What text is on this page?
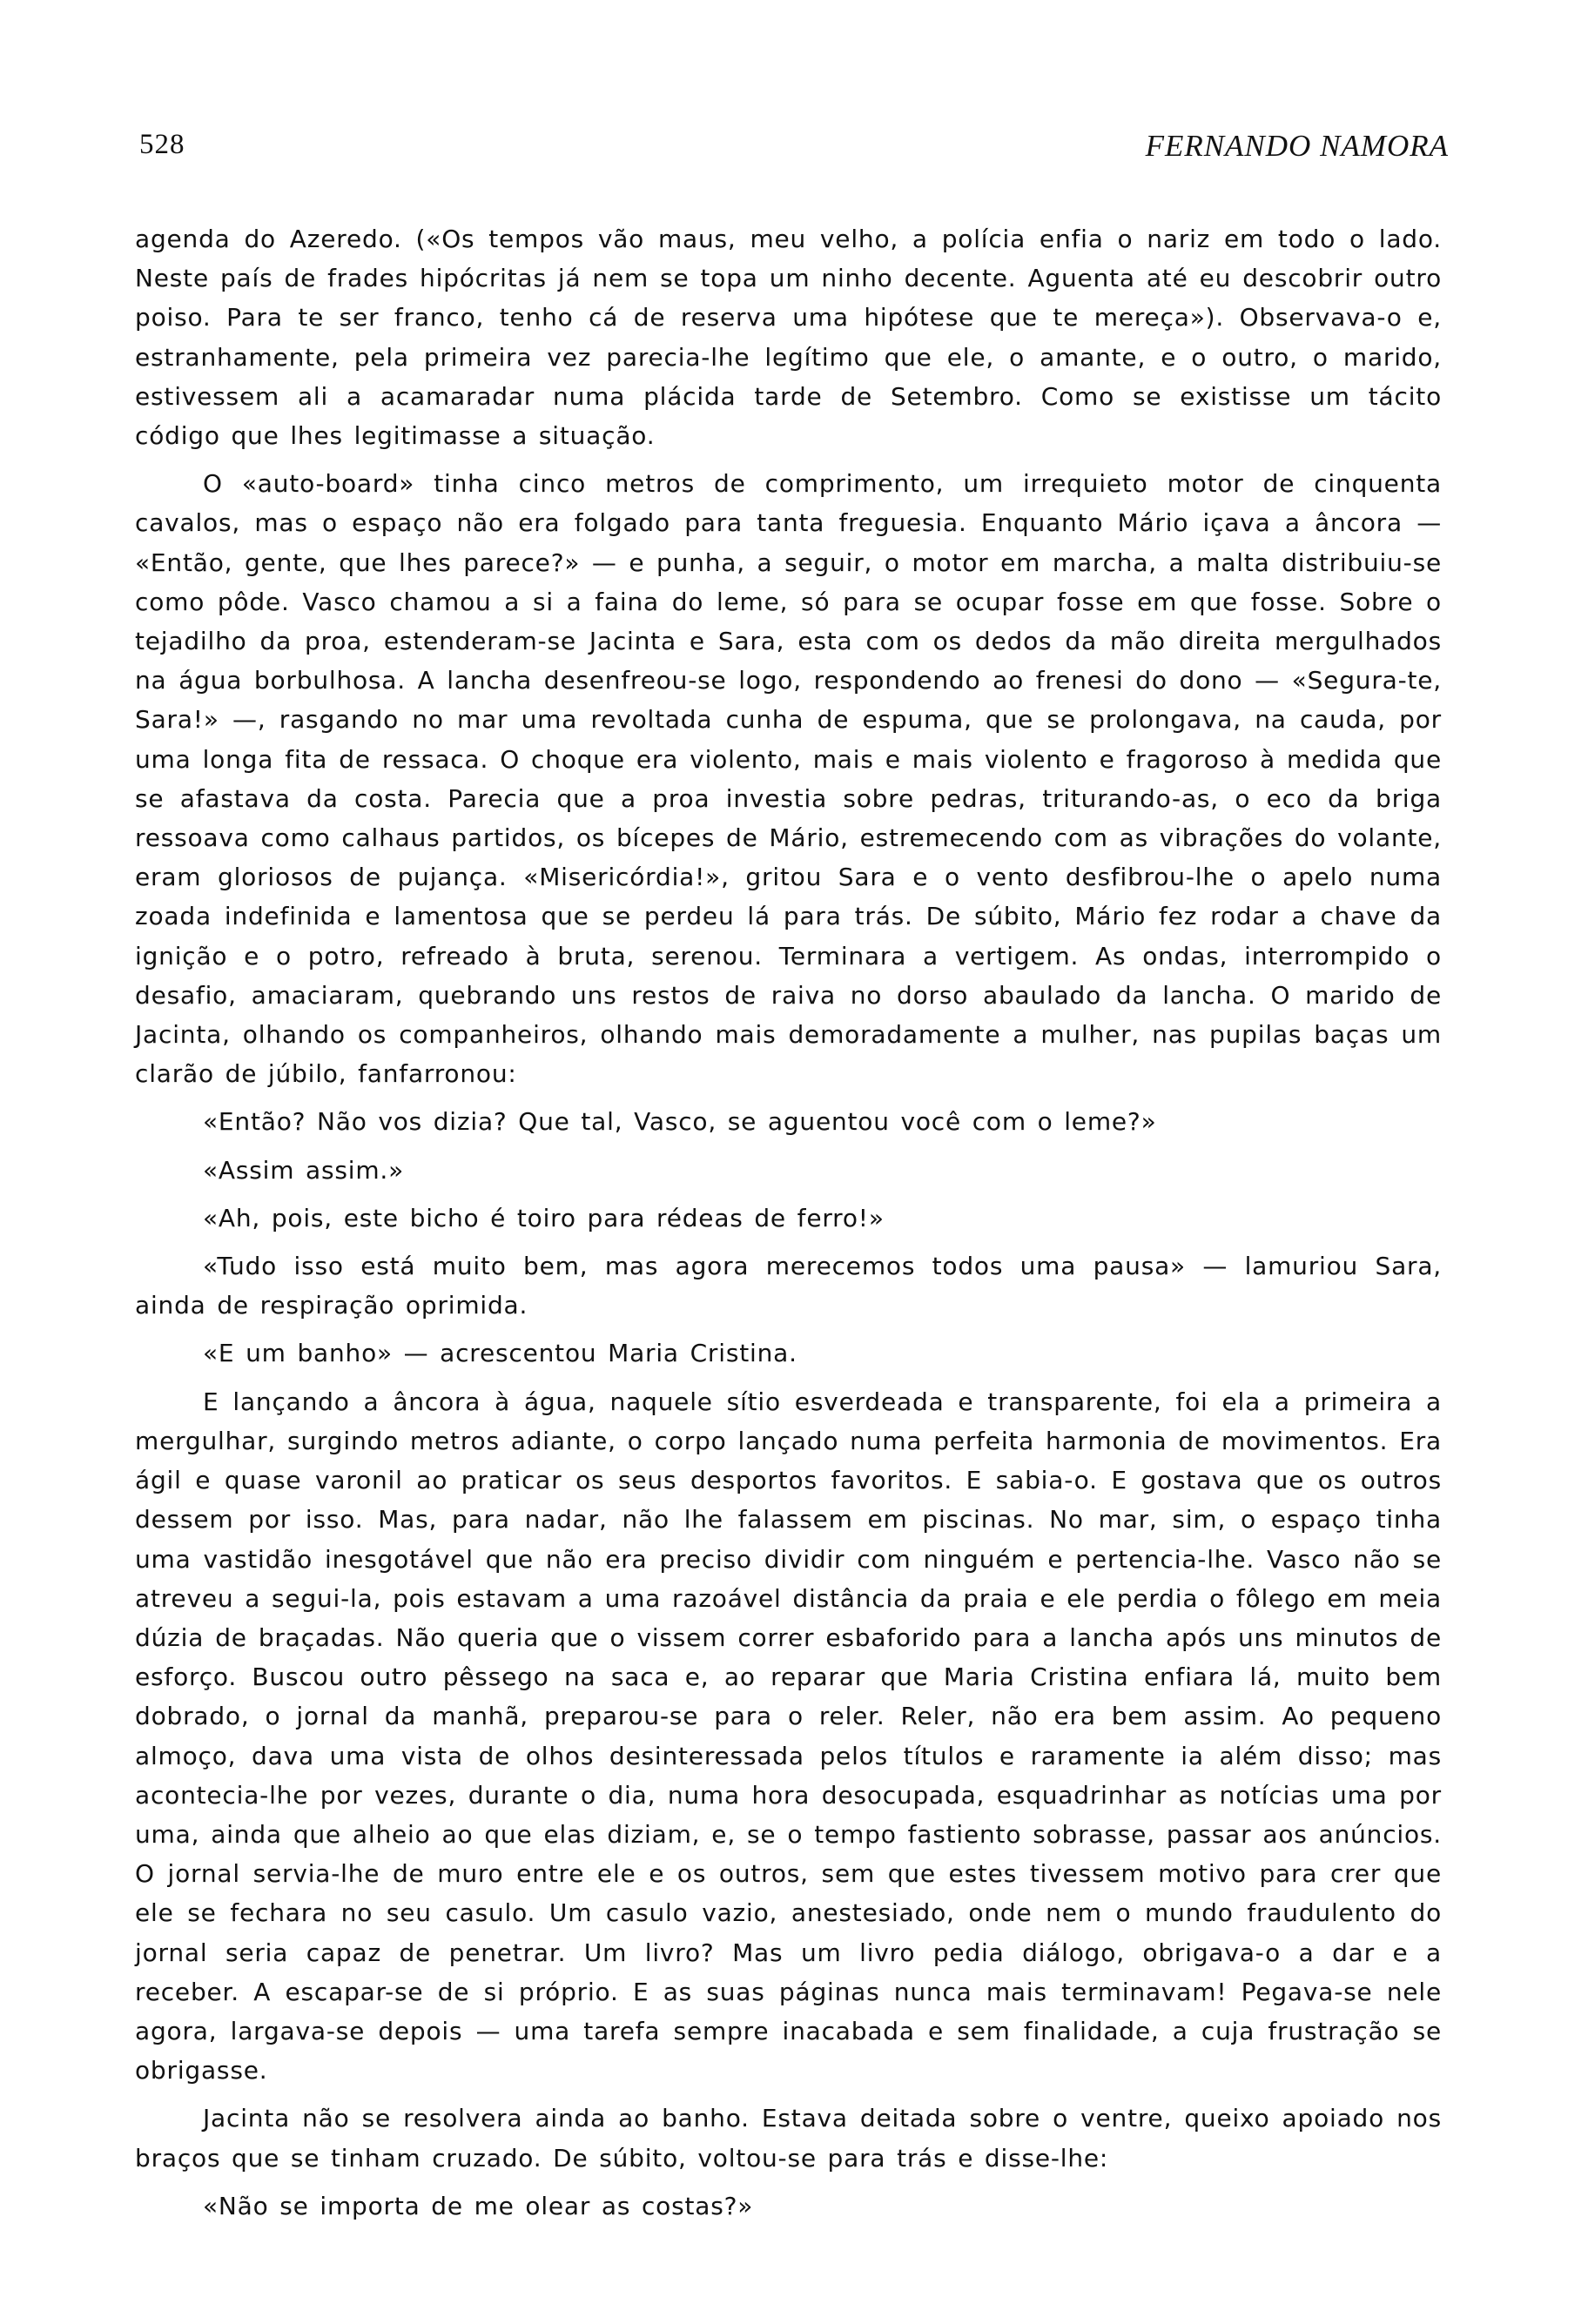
528	FERNANDO NAMORA

agenda do Azeredo. («Os tempos vão maus, meu velho, a polícia enfia o nariz em todo o lado. Neste país de frades hipócritas já nem se topa um ninho decente. Aguenta até eu descobrir outro poiso. Para te ser franco, tenho cá de reserva uma hipótese que te mereça»). Observava-o e, estranhamente, pela primeira vez parecia-lhe legítimo que ele, o amante, e o outro, o marido, estivessem ali a acamaradar numa plácida tarde de Setembro. Como se existisse um tácito código que lhes legitimasse a situação.

O «auto-board» tinha cinco metros de comprimento, um irrequieto motor de cinquenta cavalos, mas o espaço não era folgado para tanta freguesia. Enquanto Mário içava a âncora — «Então, gente, que lhes parece?» — e punha, a seguir, o motor em marcha, a malta distribuiu-se como pôde. Vasco chamou a si a faina do leme, só para se ocupar fosse em que fosse. Sobre o tejadilho da proa, estenderam-se Jacinta e Sara, esta com os dedos da mão direita mergulhados na água borbulhosa. A lancha desenfreou-se logo, respondendo ao frenesi do dono — «Segura-te, Sara!» —, rasgando no mar uma revoltada cunha de espuma, que se prolongava, na cauda, por uma longa fita de ressaca. O choque era violento, mais e mais violento e fragoroso à medida que se afastava da costa. Parecia que a proa investia sobre pedras, triturando-as, o eco da briga ressoava como calhaus partidos, os bícepes de Mário, estremecendo com as vibrações do volante, eram gloriosos de pujança. «Misericórdia!», gritou Sara e o vento desfibrou-lhe o apelo numa zoada indefinida e lamentosa que se perdeu lá para trás. De súbito, Mário fez rodar a chave da ignição e o potro, refreado à bruta, serenou. Terminara a vertigem. As ondas, interrompido o desafio, amaciaram, quebrando uns restos de raiva no dorso abaulado da lancha. O marido de Jacinta, olhando os companheiros, olhando mais demoradamente a mulher, nas pupilas baças um clarão de júbilo, fanfarronou:

«Então? Não vos dizia? Que tal, Vasco, se aguentou você com o leme?»

«Assim assim.»

«Ah, pois, este bicho é toiro para rédeas de ferro!»

«Tudo isso está muito bem, mas agora merecemos todos uma pausa» — lamuriou Sara, ainda de respiração oprimida.

«E um banho» — acrescentou Maria Cristina.

E lançando a âncora à água, naquele sítio esverdeada e transparente, foi ela a primeira a mergulhar, surgindo metros adiante, o corpo lançado numa perfeita harmonia de movimentos. Era ágil e quase varonil ao praticar os seus desportos favoritos. E sabia-o. E gostava que os outros dessem por isso. Mas, para nadar, não lhe falassem em piscinas. No mar, sim, o espaço tinha uma vastidão inesgotável que não era preciso dividir com ninguém e pertencia-lhe. Vasco não se atreveu a segui-la, pois estavam a uma razoável distância da praia e ele perdia o fôlego em meia dúzia de braçadas. Não queria que o vissem correr esbaforido para a lancha após uns minutos de esforço. Buscou outro pêssego na saca e, ao reparar que Maria Cristina enfiara lá, muito bem dobrado, o jornal da manhã, preparou-se para o reler. Reler, não era bem assim. Ao pequeno almoço, dava uma vista de olhos desinteressada pelos títulos e raramente ia além disso; mas acontecia-lhe por vezes, durante o dia, numa hora desocupada, esquadrinhar as notícias uma por uma, ainda que alheio ao que elas diziam, e, se o tempo fastiento sobrasse, passar aos anúncios. O jornal servia-lhe de muro entre ele e os outros, sem que estes tivessem motivo para crer que ele se fechara no seu casulo. Um casulo vazio, anestesiado, onde nem o mundo fraudulento do jornal seria capaz de penetrar. Um livro? Mas um livro pedia diálogo, obrigava-o a dar e a receber. A escapar-se de si próprio. E as suas páginas nunca mais terminavam! Pegava-se nele agora, largava-se depois — uma tarefa sempre inacabada e sem finalidade, a cuja frustração se obrigasse.

Jacinta não se resolvera ainda ao banho. Estava deitada sobre o ventre, queixo apoiado nos braços que se tinham cruzado. De súbito, voltou-se para trás e disse-lhe:

«Não se importa de me olear as costas?»
